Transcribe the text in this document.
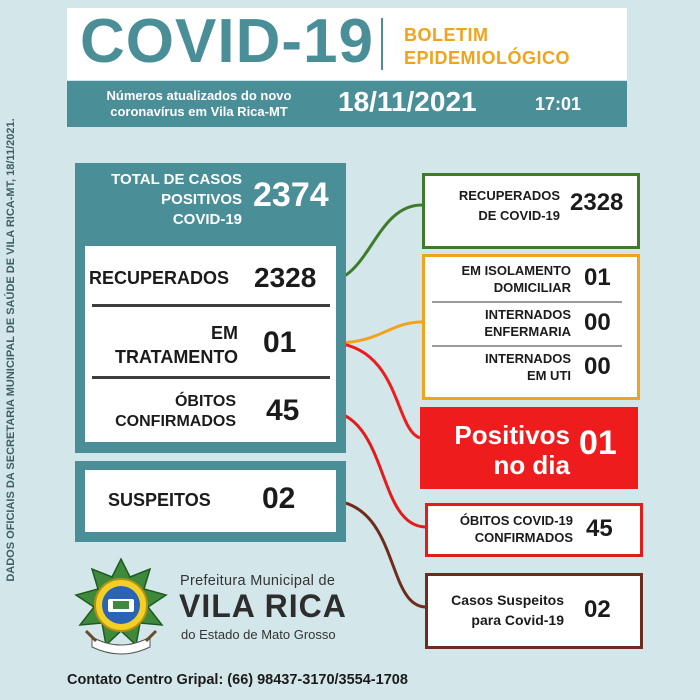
DADOS OFICIAIS DA SECRETARIA MUNICIPAL DE SAÚDE DE VILA RICA-MT, 18/11/2021.
COVID-19 BOLETIM
EPIDEMIOLÓGICO
Números atualizados do novo
coronavírus em Vila Rica-MT	18/11/2021	17:01
TOTAL DE CASOS
POSITIVOS
COVID-19
2374
RECUPERADOS 2328
EM
TRATAMENTO 01
ÓBITOS
CONFIRMADOS 45
SUSPEITOS 02
RECUPERADOS
DE COVID-19 2328
EM ISOLAMENTO
DOMICILIAR 01
INTERNADOS
ENFERMARIA 00
INTERNADOS
EM UTI 00
Positivos
no dia
01
ÓBITOS COVID-19
CONFIRMADOS 45
Casos Suspeitos
para Covid-19 02
Prefeitura Municipal de
VILA RICA
do Estado de Mato Grosso
Contato Centro Gripal: (66) 98437-3170/3554-1708
